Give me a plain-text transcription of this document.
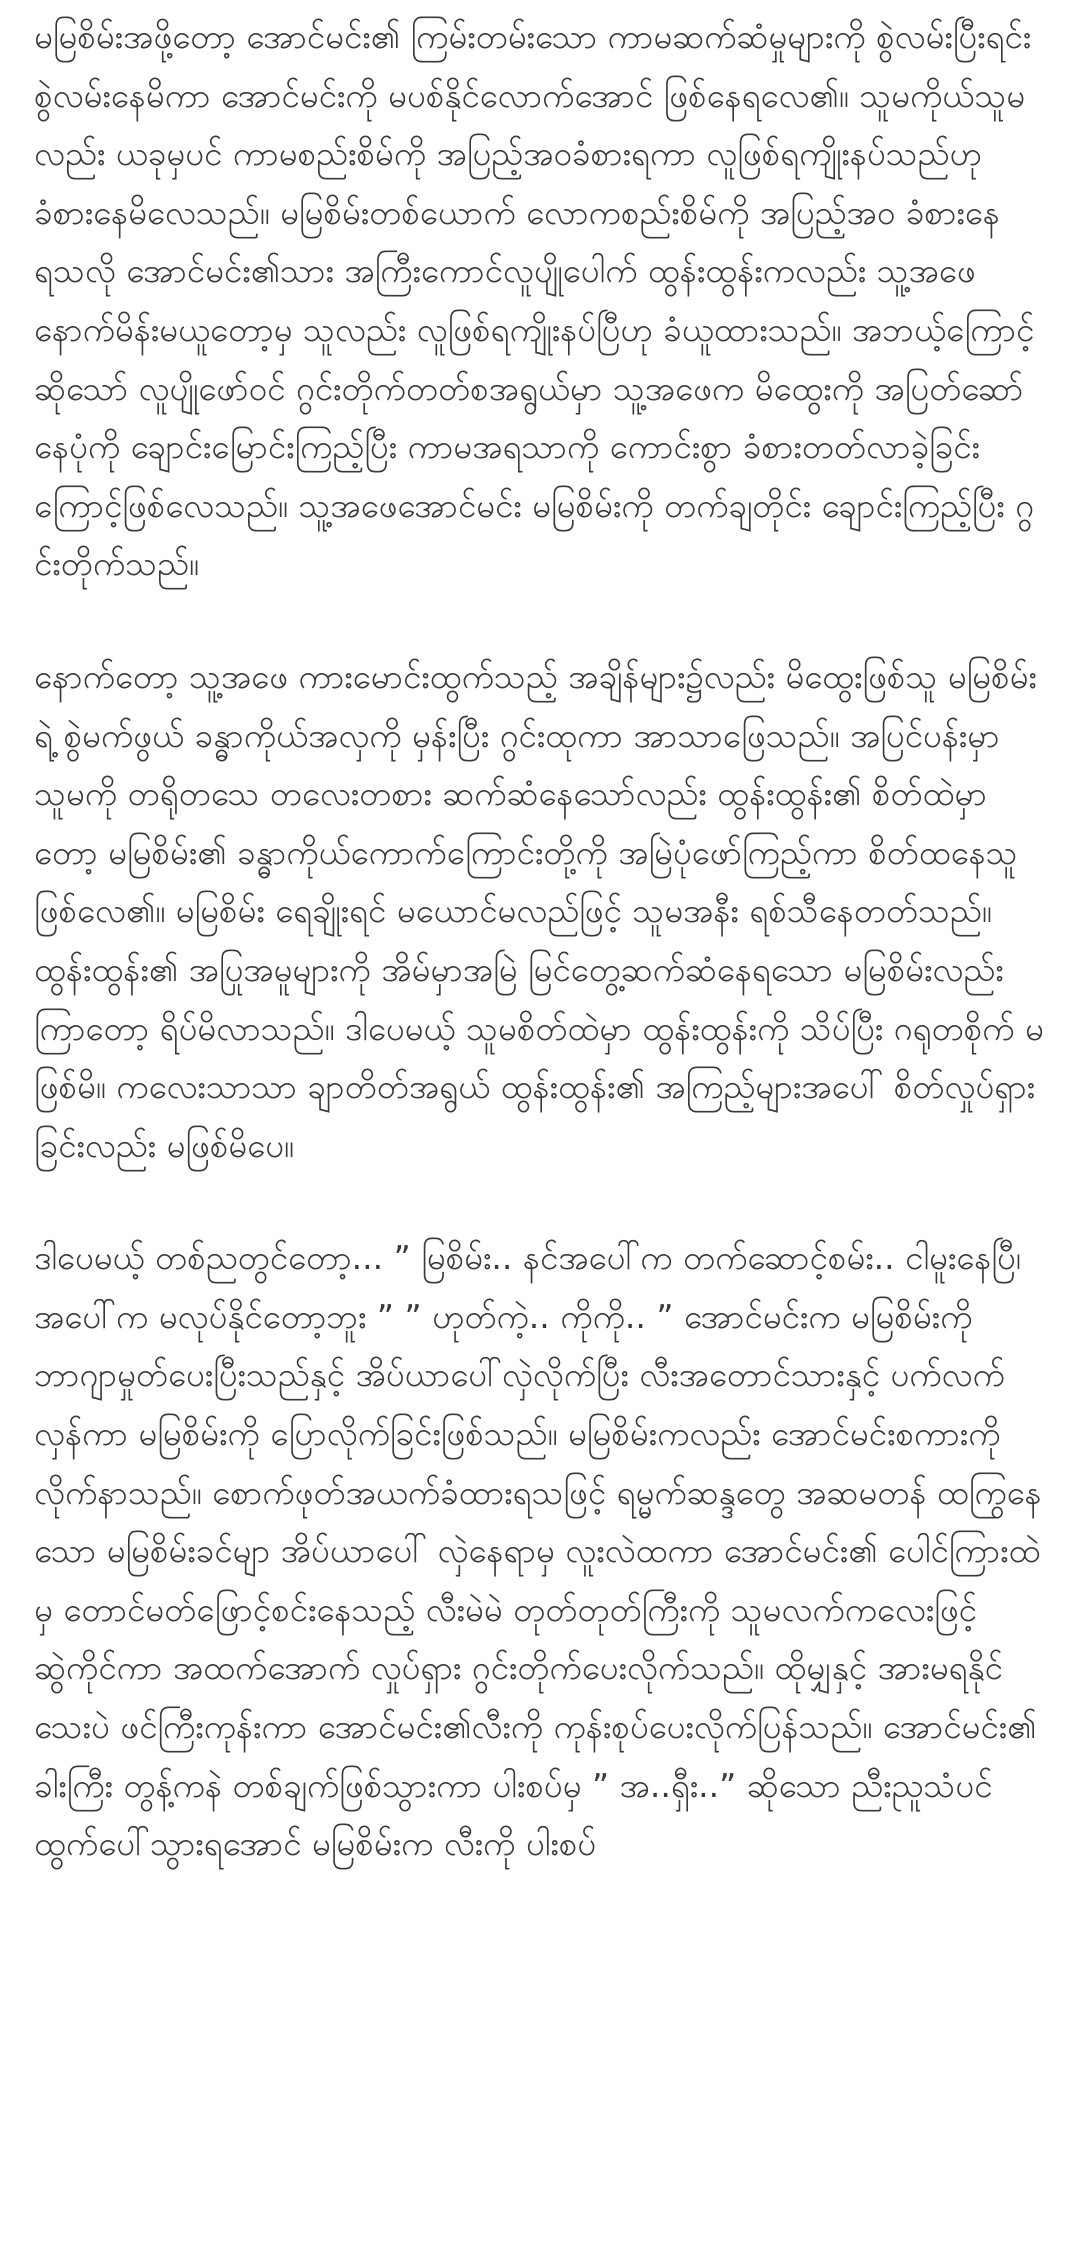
မမြစိမ်းအဖို့တော့ အောင်မင်း၏ ကြမ်းတမ်းသော ကာမဆက်ဆံမှုများကို စွဲလမ်းပြီးရင်း စွဲလမ်းနေမိကာ အောင်မင်းကို မပစ်နိုင်လောက်အောင် ဖြစ်နေရလေ၏။ သူမကိုယ်သူမလည်း ယခုမှပင် ကာမစည်းစိမ်ကို အပြည့်အဝခံစားရကာ လူဖြစ်ရကျိုးနပ်သည်ဟု ခံစားနေမိလေသည်။ မမြစိမ်းတစ်ယောက် လောကစည်းစိမ်ကို အပြည့်အဝ ခံစားနေရသလို အောင်မင်း၏သား အကြီးကောင်လူပျိုပေါက် ထွန်းထွန်းကလည်း သူ့အဖေနောက်မိန်းမယူတော့မှ သူလည်း လူဖြစ်ရကျိုးနပ်ပြီဟု ခံယူထားသည်။ အဘယ့်ကြောင့်ဆိုသော် လူပျိုဖော်ဝင် ဂွင်းတိုက်တတ်စအရွယ်မှာ သူ့အဖေက မိထွေးကို အပြတ်ဆော်နေပုံကို ချောင်းမြောင်းကြည့်ပြီး ကာမအရသာကို ကောင်းစွာ ခံစားတတ်လာခဲ့ခြင်းကြောင့်ဖြစ်လေသည်။ သူ့အဖေအောင်မင်း မမြစိမ်းကို တက်ချတိုင်း ချောင်းကြည့်ပြီး ဂွင်းတိုက်သည်။

နောက်တော့ သူ့အဖေ ကားမောင်းထွက်သည့် အချိန်များ၌လည်း မိထွေးဖြစ်သူ မမြစိမ်းရဲ့ စွဲမက်ဖွယ် ခန္ဓာကိုယ်အလှကို မှန်းပြီး ဂွင်းထုကာ အာသာဖြေသည်။ အပြင်ပန်းမှာ သူမကို တရိုတသေ တလေးတစား ဆက်ဆံနေသော်လည်း ထွန်းထွန်း၏ စိတ်ထဲမှာတော့ မမြစိမ်း၏ ခန္ဓာကိုယ်ကောက်ကြောင်းတို့ကို အမြဲပုံဖော်ကြည့်ကာ စိတ်ထနေသူဖြစ်လေ၏။ မမြစိမ်း ရေချိုးရင် မယောင်မလည်ဖြင့် သူမအနီး ရစ်သီနေတတ်သည်။ ထွန်းထွန်း၏ အပြုအမူများကို အိမ်မှာအမြဲ မြင်တွေ့ဆက်ဆံနေရသော မမြစိမ်းလည်း ကြာတော့ ရိပ်မိလာသည်။ ဒါပေမယ့် သူမစိတ်ထဲမှာ ထွန်းထွန်းကို သိပ်ပြီး ဂရုတစိုက် မဖြစ်မိ။ ကလေးသာသာ ချာတိတ်အရွယ် ထွန်းထွန်း၏ အကြည့်များအပေါ် စိတ်လှုပ်ရှားခြင်းလည်း မဖြစ်မိပေ။

ဒါပေမယ့် တစ်ညတွင်တော့... ” မြစိမ်း.. နင်အပေါ်က တက်ဆောင့်စမ်း.. ငါမူးနေပြီ၊ အပေါ်က မလုပ်နိုင်တော့ဘူး ” ” ဟုတ်ကဲ့.. ကိုကို.. ” အောင်မင်းက မမြစိမ်းကို ဘာဂျာမှုတ်ပေးပြီးသည်နှင့် အိပ်ယာပေါ်လှဲလိုက်ပြီး လီးအတောင်သားနှင့် ပက်လက်လှန်ကာ မမြစိမ်းကို ပြောလိုက်ခြင်းဖြစ်သည်။ မမြစိမ်းကလည်း အောင်မင်းစကားကို လိုက်နာသည်။ စောက်ဖုတ်အယက်ခံထားရသဖြင့် ရမ္မက်ဆန္ဒတွေ အဆမတန် ထကြွနေသော မမြစိမ်းခင်မျာ အိပ်ယာပေါ် လှဲနေရာမှ လူးလဲထကာ အောင်မင်း၏ ပေါင်ကြားထဲမှ တောင်မတ်ဖြောင့်စင်းနေသည့် လီးမဲမဲ တုတ်တုတ်ကြီးကို သူမလက်ကလေးဖြင့် ဆွဲကိုင်ကာ အထက်အောက် လှုပ်ရှား ဂွင်းတိုက်ပေးလိုက်သည်။ ထိုမျှနှင့် အားမရနိုင်သေးပဲ ဖင်ကြီးကုန်းကာ အောင်မင်း၏လီးကို ကုန်းစုပ်ပေးလိုက်ပြန်သည်။ အောင်မင်း၏ ခါးကြီး တွန့်ကနဲ တစ်ချက်ဖြစ်သွားကာ ပါးစပ်မှ ” အ..ရှီး..” ဆိုသော ညီးညူသံပင် ထွက်ပေါ်သွားရအောင် မမြစိမ်းက လီးကို ပါးစပ်
